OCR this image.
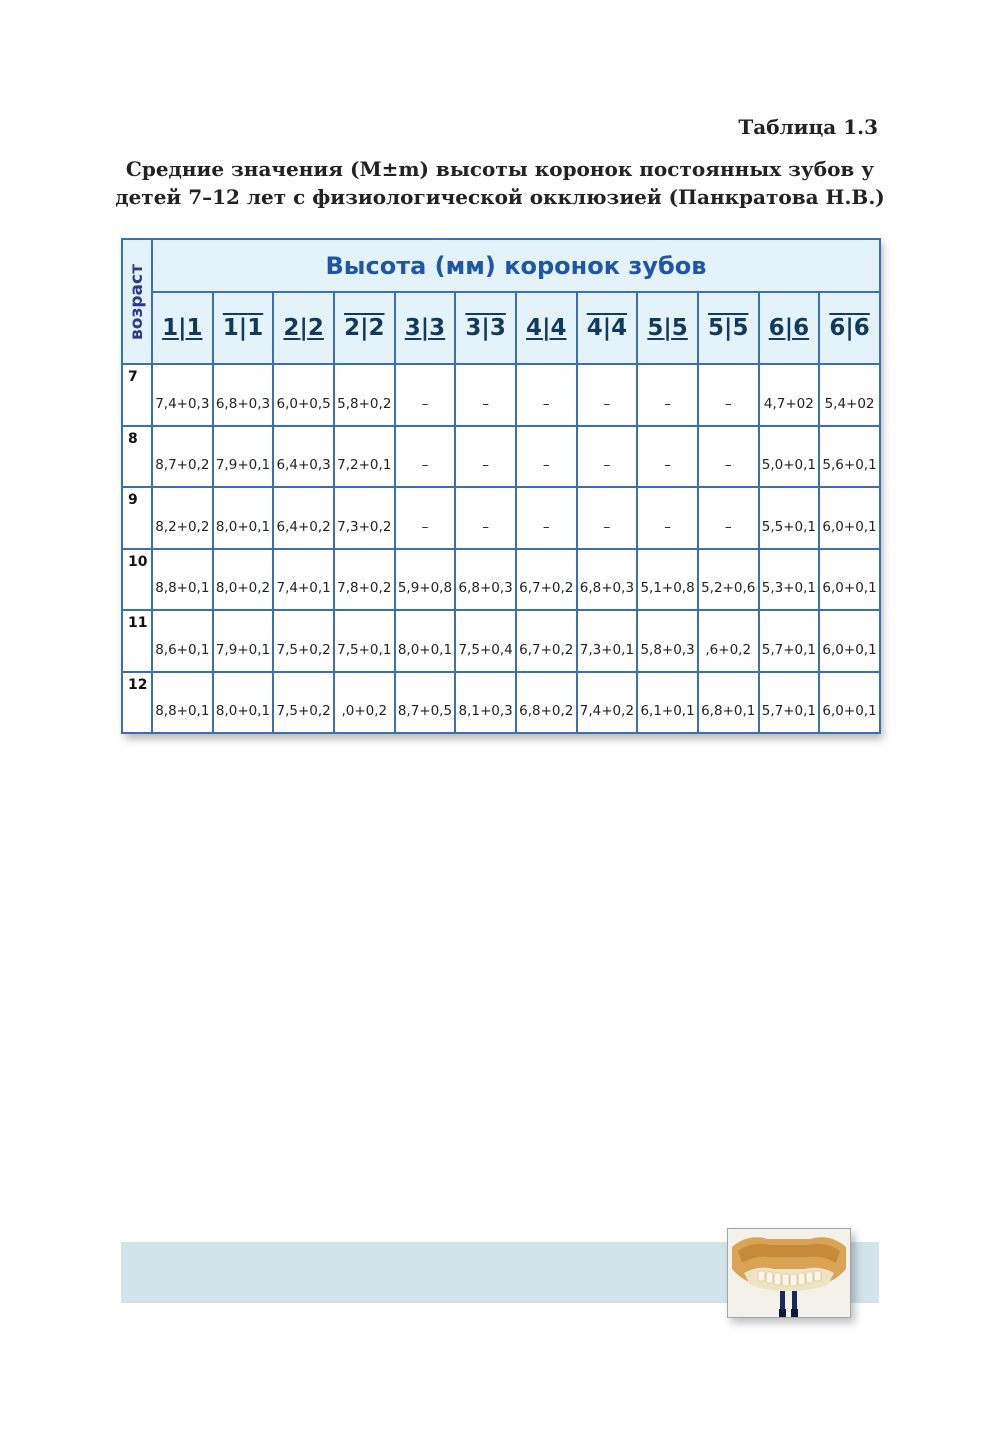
Таблица 1.3
Средние значения (M±m) высоты коронок постоянных зубов у
детей 7–12 лет с физиологической окклюзией (Панкратова Н.В.)
возраст	Высота (мм) коронок зубов											
	1|1	1|1	2|2	2|2	3|3	3|3	4|4	4|4	5|5	5|5	6|6	6|6
7	7,4+0,3	6,8+0,3	6,0+0,5	5,8+0,2	–	–	–	–	–	–	4,7+02	5,4+02
8	8,7+0,2	7,9+0,1	6,4+0,3	7,2+0,1	–	–	–	–	–	–	5,0+0,1	5,6+0,1
9	8,2+0,2	8,0+0,1	6,4+0,2	7,3+0,2	–	–	–	–	–	–	5,5+0,1	6,0+0,1
10	8,8+0,1	8,0+0,2	7,4+0,1	7,8+0,2	5,9+0,8	6,8+0,3	6,7+0,2	6,8+0,3	5,1+0,8	5,2+0,6	5,3+0,1	6,0+0,1
11	8,6+0,1	7,9+0,1	7,5+0,2	7,5+0,1	8,0+0,1	7,5+0,4	6,7+0,2	7,3+0,1	5,8+0,3	,6+0,2	5,7+0,1	6,0+0,1
12	8,8+0,1	8,0+0,1	7,5+0,2	,0+0,2	8,7+0,5	8,1+0,3	6,8+0,2	7,4+0,2	6,1+0,1	6,8+0,1	5,7+0,1	6,0+0,1
